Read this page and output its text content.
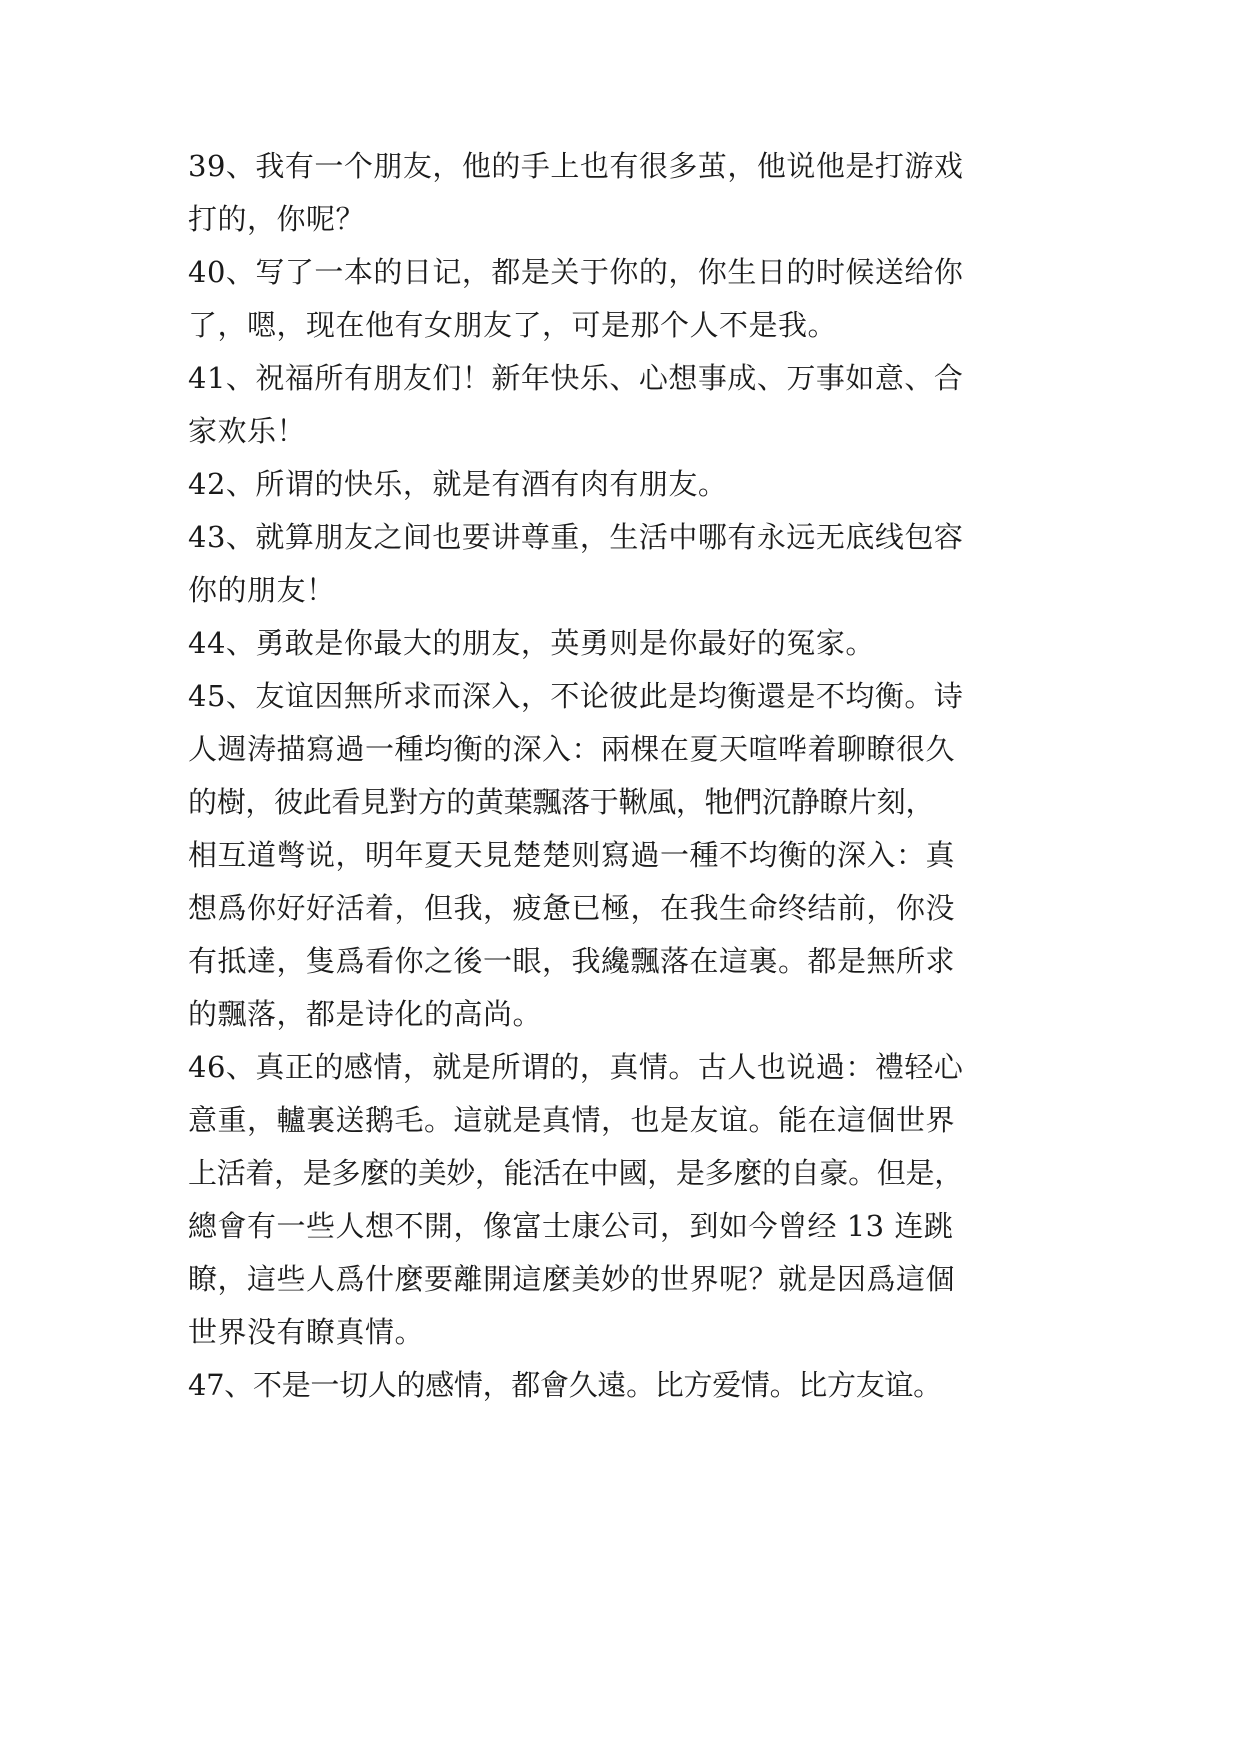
39、我有一个朋友，他的手上也有很多茧，他说他是打游戏
打的，你呢？
40、写了一本的日记，都是关于你的，你生日的时候送给你
了，嗯，现在他有女朋友了，可是那个人不是我。
41、祝福所有朋友们！新年快乐、心想事成、万事如意、合
家欢乐！
42、所谓的快乐，就是有酒有肉有朋友。
43、就算朋友之间也要讲尊重，生活中哪有永远无底线包容
你的朋友！
44、勇敢是你最大的朋友，英勇则是你最好的冤家。
45、友谊因無所求而深入，不论彼此是均衡還是不均衡。诗
人週涛描寫過一種均衡的深入：兩棵在夏天喧哗着聊瞭很久
的樹，彼此看見對方的黄葉飄落于鞦風，牠們沉静瞭片刻，
相互道彆说，明年夏天見楚楚则寫過一種不均衡的深入：真
想爲你好好活着，但我，疲惫已極，在我生命终结前，你没
有抵達，隻爲看你之後一眼，我纔飄落在這裏。都是無所求
的飄落，都是诗化的高尚。
46、真正的感情，就是所谓的，真情。古人也说過：禮轻心
意重，轤裏送鹅毛。這就是真情，也是友谊。能在這個世界
上活着，是多麼的美妙，能活在中國，是多麼的自豪。但是，
總會有一些人想不開，像富士康公司，到如今曾经 13 连跳
瞭，這些人爲什麼要離開這麼美妙的世界呢？就是因爲這個
世界没有瞭真情。
47、不是一切人的感情，都會久遠。比方爱情。比方友谊。
